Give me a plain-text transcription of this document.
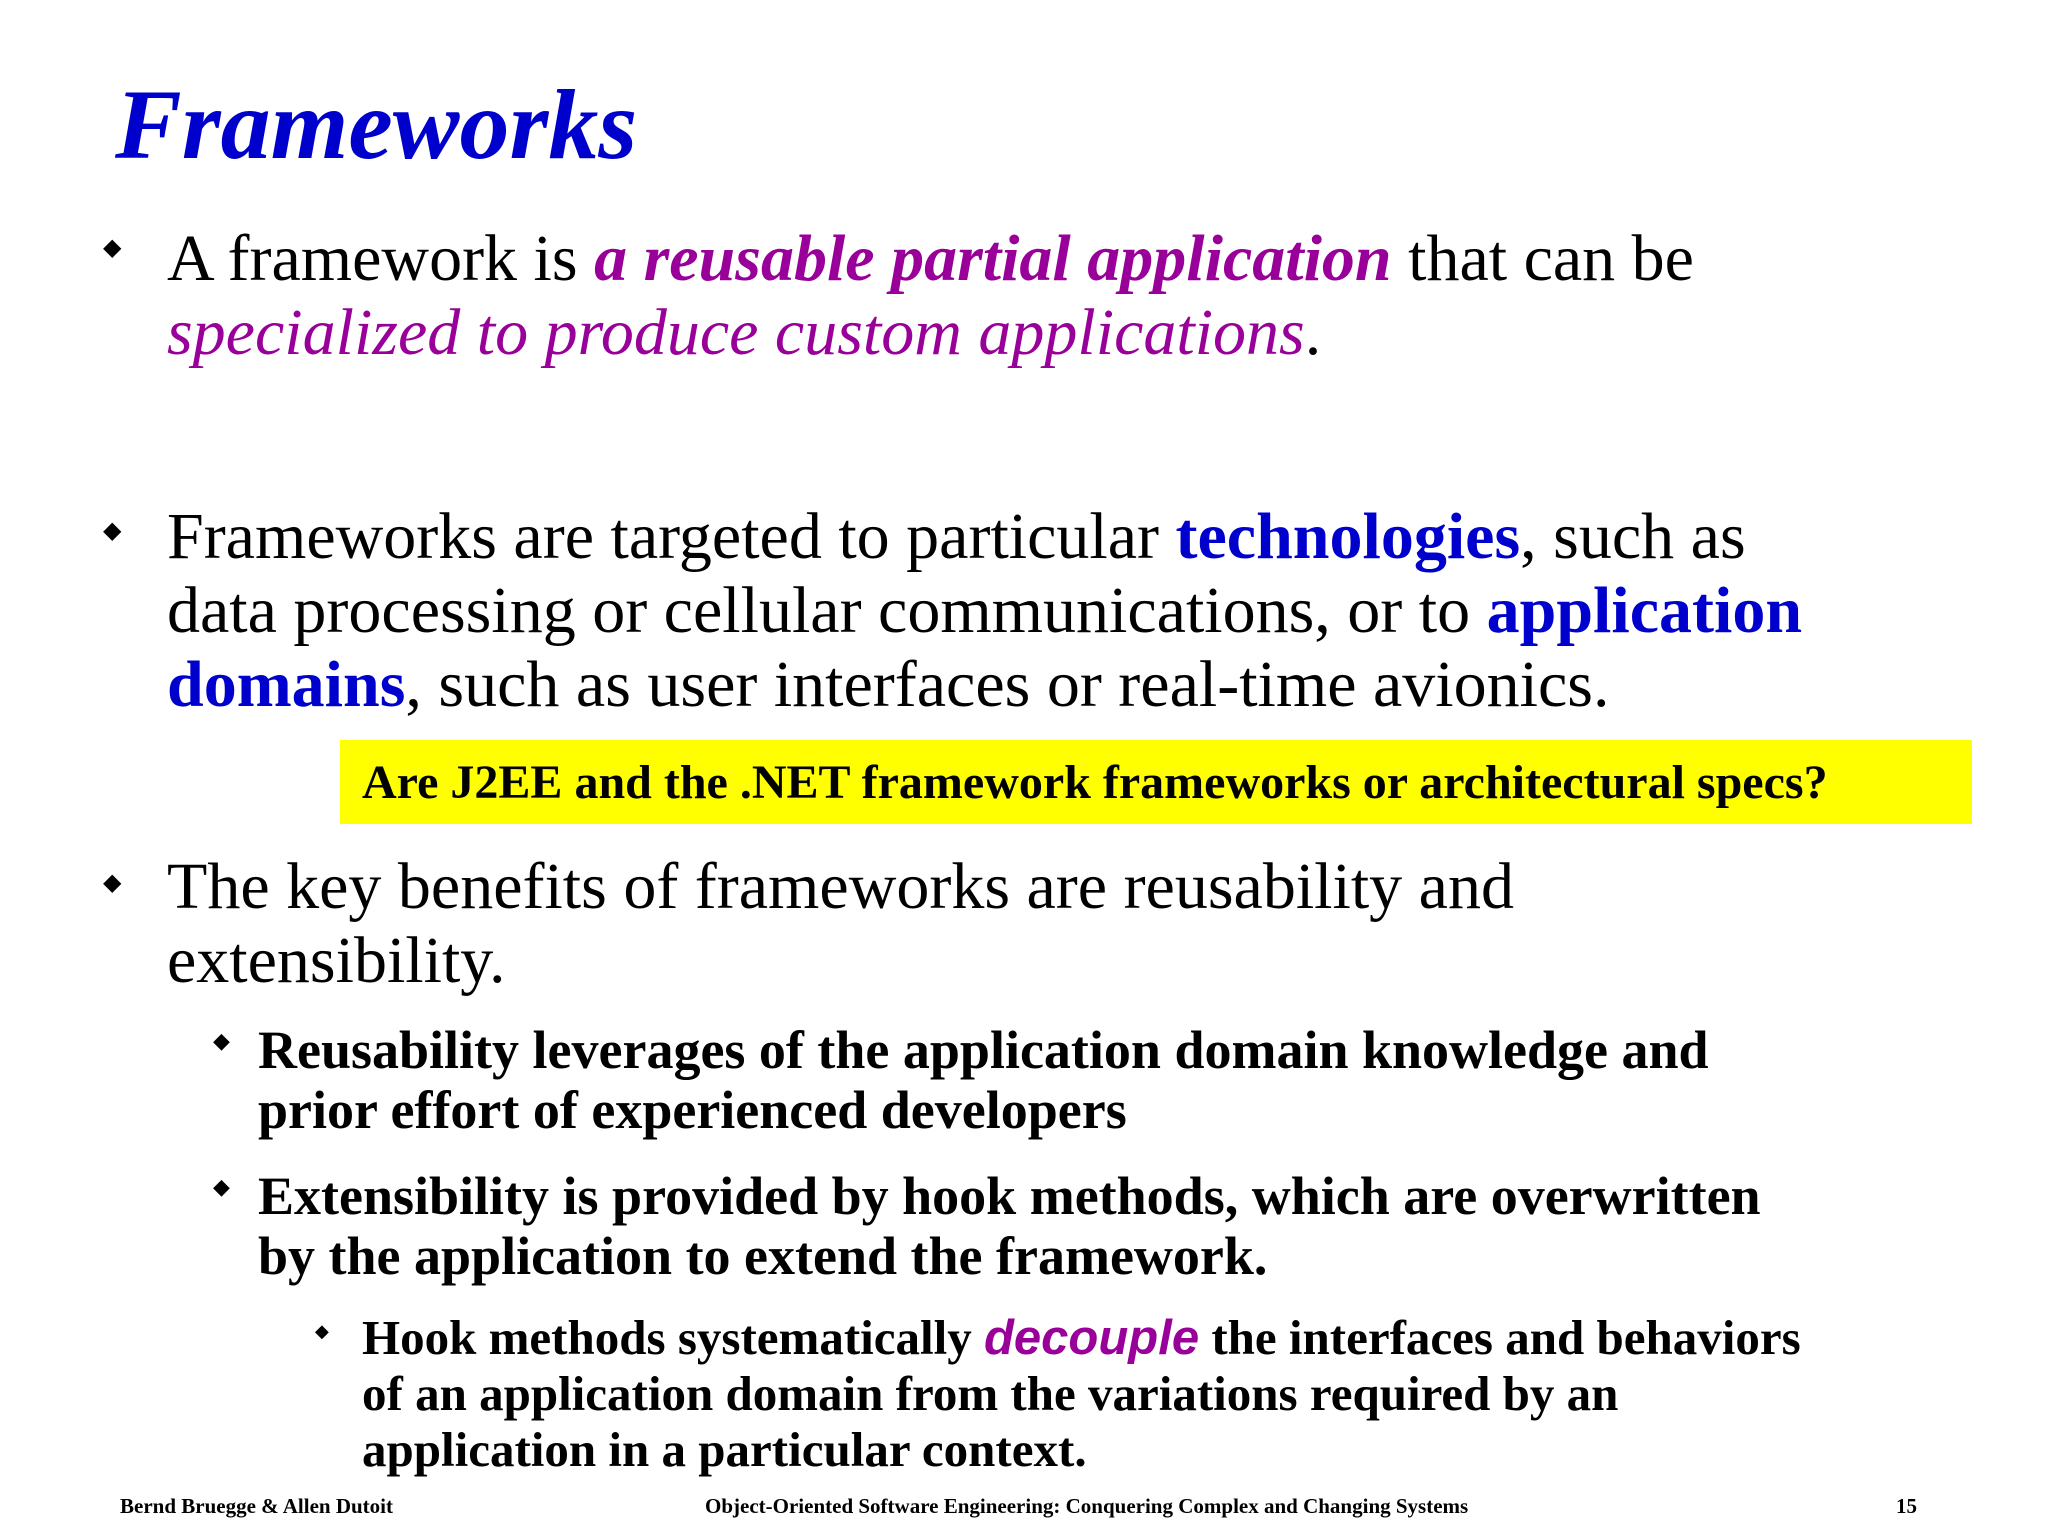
Frameworks
◆ A framework is a reusable partial application that can be
specialized to produce custom applications.
◆ Frameworks are targeted to particular technologies, such as
data processing or cellular communications, or to application
domains, such as user interfaces or real-time avionics.
Are J2EE and the .NET framework frameworks or architectural specs?
◆ The key benefits of frameworks are reusability and
extensibility.
◆ Reusability leverages of the application domain knowledge and
prior effort of experienced developers
◆ Extensibility is provided by hook methods, which are overwritten
by the application to extend the framework.
◆ Hook methods systematically decouple the interfaces and behaviors
of an application domain from the variations required by an
application in a particular context.
Bernd Bruegge & Allen Dutoit	Object-Oriented Software Engineering: Conquering Complex and Changing Systems	15
